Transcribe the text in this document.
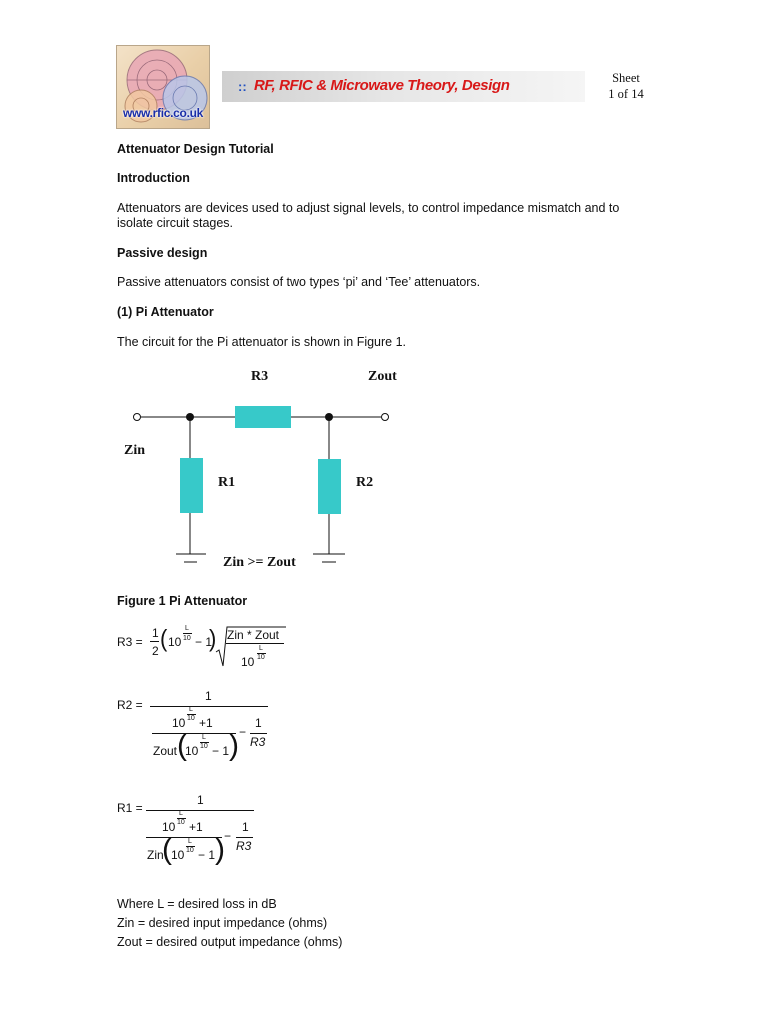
www.rfic.co.uk
:: RF, RFIC & Microwave Theory, Design	Sheet
1 of 14
Attenuator Design Tutorial
Introduction
Attenuators are devices used to adjust signal levels, to control impedance mismatch and to
isolate circuit stages.
Passive design
Passive attenuators consist of two types ‘pi’ and ‘Tee’ attenuators.
(1) Pi Attenuator
The circuit for the Pi attenuator is shown in Figure 1.
R3	Zout
Zin
R1	R2
Zin >= Zout
Figure 1 Pi Attenuator
R3 =
1
2 ( 10
L
10 − 1
) Zin * Zout
10
L
10
R2 =
1
10
L
10 +1
Zout (
10
L
10 − 1 ) −
1
R3
R1 =
1
10
L
10 +1
Zin
( 10
L
10 − 1 ) −
1
R3
Where L = desired loss in dB
Zin = desired input impedance (ohms)
Zout = desired output impedance (ohms)
